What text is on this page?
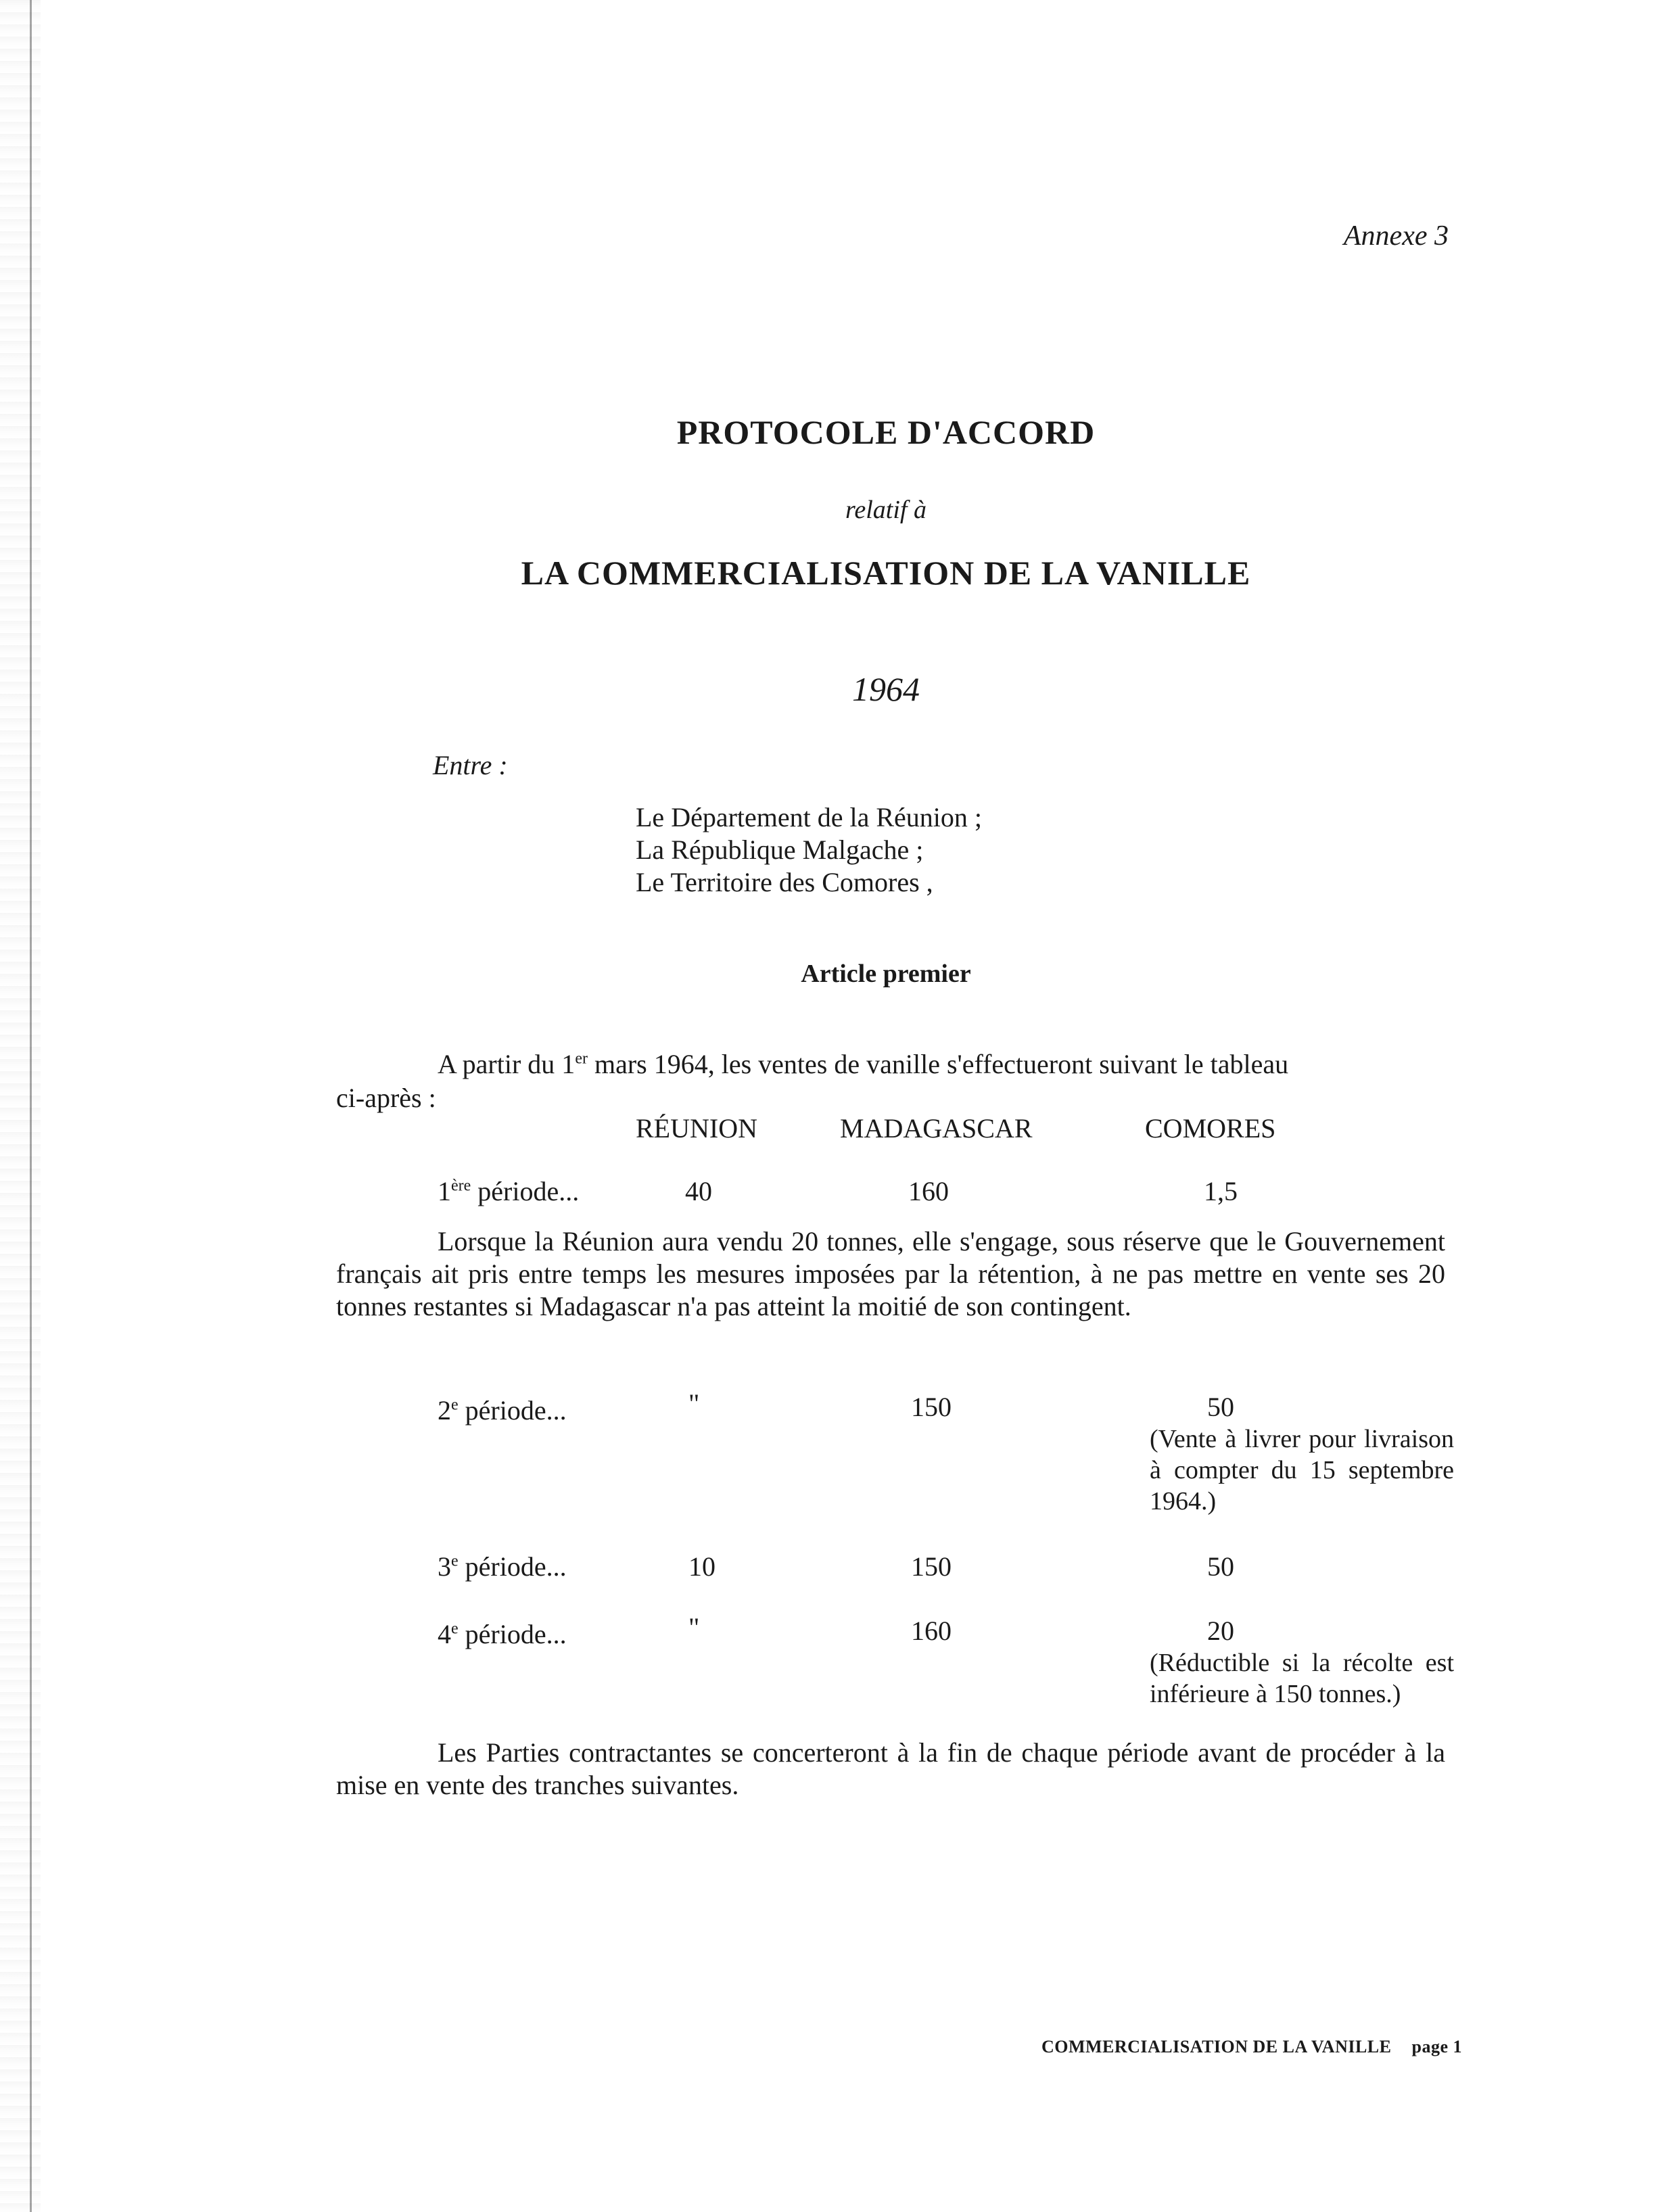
Annexe 3
PROTOCOLE D'ACCORD
relatif à
LA COMMERCIALISATION DE LA VANILLE
1964
Entre :
Le Département de la Réunion ;
La République Malgache ;
Le Territoire des Comores ,
Article premier
A partir du 1er mars 1964, les ventes de vanille s'effectueront suivant le tableau
ci-après :
RÉUNION	MADAGASCAR	COMORES
1ère période...	40	160	1,5

Lorsque la Réunion aura vendu 20 tonnes, elle s'engage, sous réserve que le Gouvernement français ait pris entre temps les mesures imposées par la rétention, à ne pas mettre en vente ses 20 tonnes restantes si Madagascar n'a pas atteint la moitié de son contingent.

2e période...	"	150	50
(Vente à livrer pour livraison à compter du 15 septembre 1964.)
3e période...	10	150	50
4e période...	"	160	20
(Réductible si la récolte est inférieure à 150 tonnes.)

Les Parties contractantes se concerteront à la fin de chaque période avant de procéder à la mise en vente des tranches suivantes.

COMMERCIALISATION DE LA VANILLE page 1
